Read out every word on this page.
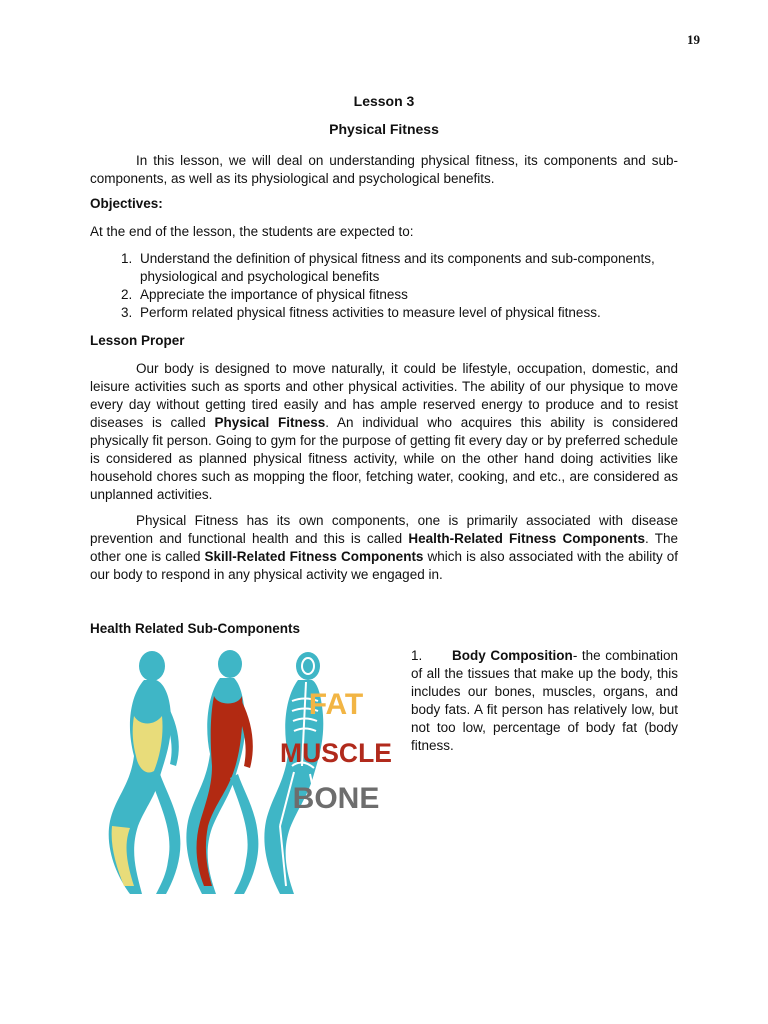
19
Lesson 3
Physical Fitness

In this lesson, we will deal on understanding physical fitness, its components and sub-components, as well as its physiological and psychological benefits.

Objectives:
At the end of the lesson, the students are expected to:
1. Understand the definition of physical fitness and its components and sub-components, physiological and psychological benefits
2. Appreciate the importance of physical fitness
3. Perform related physical fitness activities to measure level of physical fitness.
Lesson Proper

Our body is designed to move naturally, it could be lifestyle, occupation, domestic, and leisure activities such as sports and other physical activities. The ability of our physique to move every day without getting tired easily and has ample reserved energy to produce and to resist diseases is called Physical Fitness. An individual who acquires this ability is considered physically fit person. Going to gym for the purpose of getting fit every day or by preferred schedule is considered as planned physical fitness activity, while on the other hand doing activities like household chores such as mopping the floor, fetching water, cooking, and etc., are considered as unplanned activities.

Physical Fitness has its own components, one is primarily associated with disease prevention and functional health and this is called Health-Related Fitness Components. The other one is called Skill-Related Fitness Components which is also associated with the ability of our body to respond in any physical activity we engaged in.

Health Related Sub-Components
FAT
MUSCLE
BONE

1. Body Composition- the combination of all the tissues that make up the body, this includes our bones, muscles, organs, and body fats. A fit person has relatively low, but not too low, percentage of body fat (body fitness.
